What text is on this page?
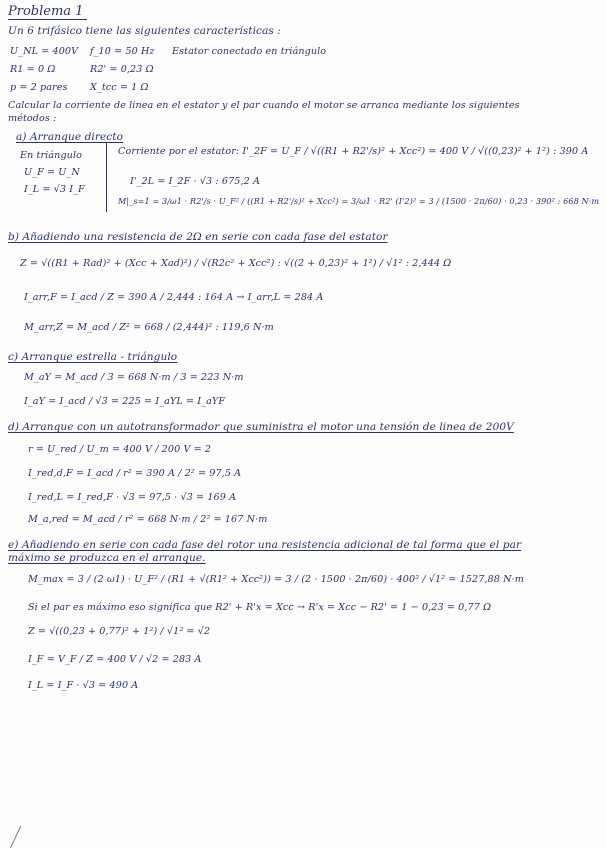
Problema 1
Un 6 trifásico tiene las siguientes características :
U_NL = 400V
R1 = 0 Ω
p = 2 pares
f_10 = 50 Hz
R2' = 0,23 Ω
X_tcc = 1 Ω
Estator conectado en triángulo
Calcular la corriente de linea en el estator y el par cuando el motor se arranca mediante los siguientes
métodos :
a) Arranque directo
En triángulo
U_F = U_N
I_L = √3 I_F
Corriente por el estator: I'_2F = U_F / √((R1 + R2'/s)² + Xcc²) = 400 V / √((0,23)² + 1²) : 390 A
I'_2L = I_2F · √3 : 675,2 A
M|_s=1 = 3/ω1 · R2'/s · U_F² / ((R1 + R2'/s)² + Xcc²) = 3/ω1 · R2' (I'2)² = 3 / (1500 · 2π/60) · 0,23 · 390² : 668 N·m
b) Añadiendo una resistencia de 2Ω en serie con cada fase del estator
Z = √((R1 + Rad)² + (Xcc + Xad)²) / √(R2c² + Xcc²) : √((2 + 0,23)² + 1²) / √1² : 2,444 Ω
I_arr,F = I_acd / Z = 390 A / 2,444 : 164 A → I_arr,L = 284 A
M_arr,Z = M_acd / Z² = 668 / (2,444)² : 119,6 N·m
c) Arranque estrella - triángulo
M_aY = M_acd / 3 = 668 N·m / 3 = 223 N·m
I_aY = I_acd / √3 = 225 = I_aYL = I_aYF
d) Arranque con un autotransformador que suministra el motor una tensión de linea de 200V
r = U_red / U_m = 400 V / 200 V = 2
I_red,d,F = I_acd / r² = 390 A / 2² = 97,5 A
I_red,L = I_red,F · √3 = 97,5 · √3 = 169 A
M_a,red = M_acd / r² = 668 N·m / 2² = 167 N·m
e) Añadiendo en serie con cada fase del rotor una resistencia adicional de tal forma que el par
máximo se produzca en el arranque.
M_max = 3 / (2 ω1) · U_F² / (R1 + √(R1² + Xcc²)) = 3 / (2 · 1500 · 2π/60) · 400² / √1² = 1527,88 N·m
Si el par es máximo eso significa que R2' + R'x = Xcc → R'x = Xcc − R2' = 1 − 0,23 = 0,77 Ω
Z = √((0,23 + 0,77)² + 1²) / √1² = √2
I_F = V_F / Z = 400 V / √2 = 283 A
I_L = I_F · √3 = 490 A
